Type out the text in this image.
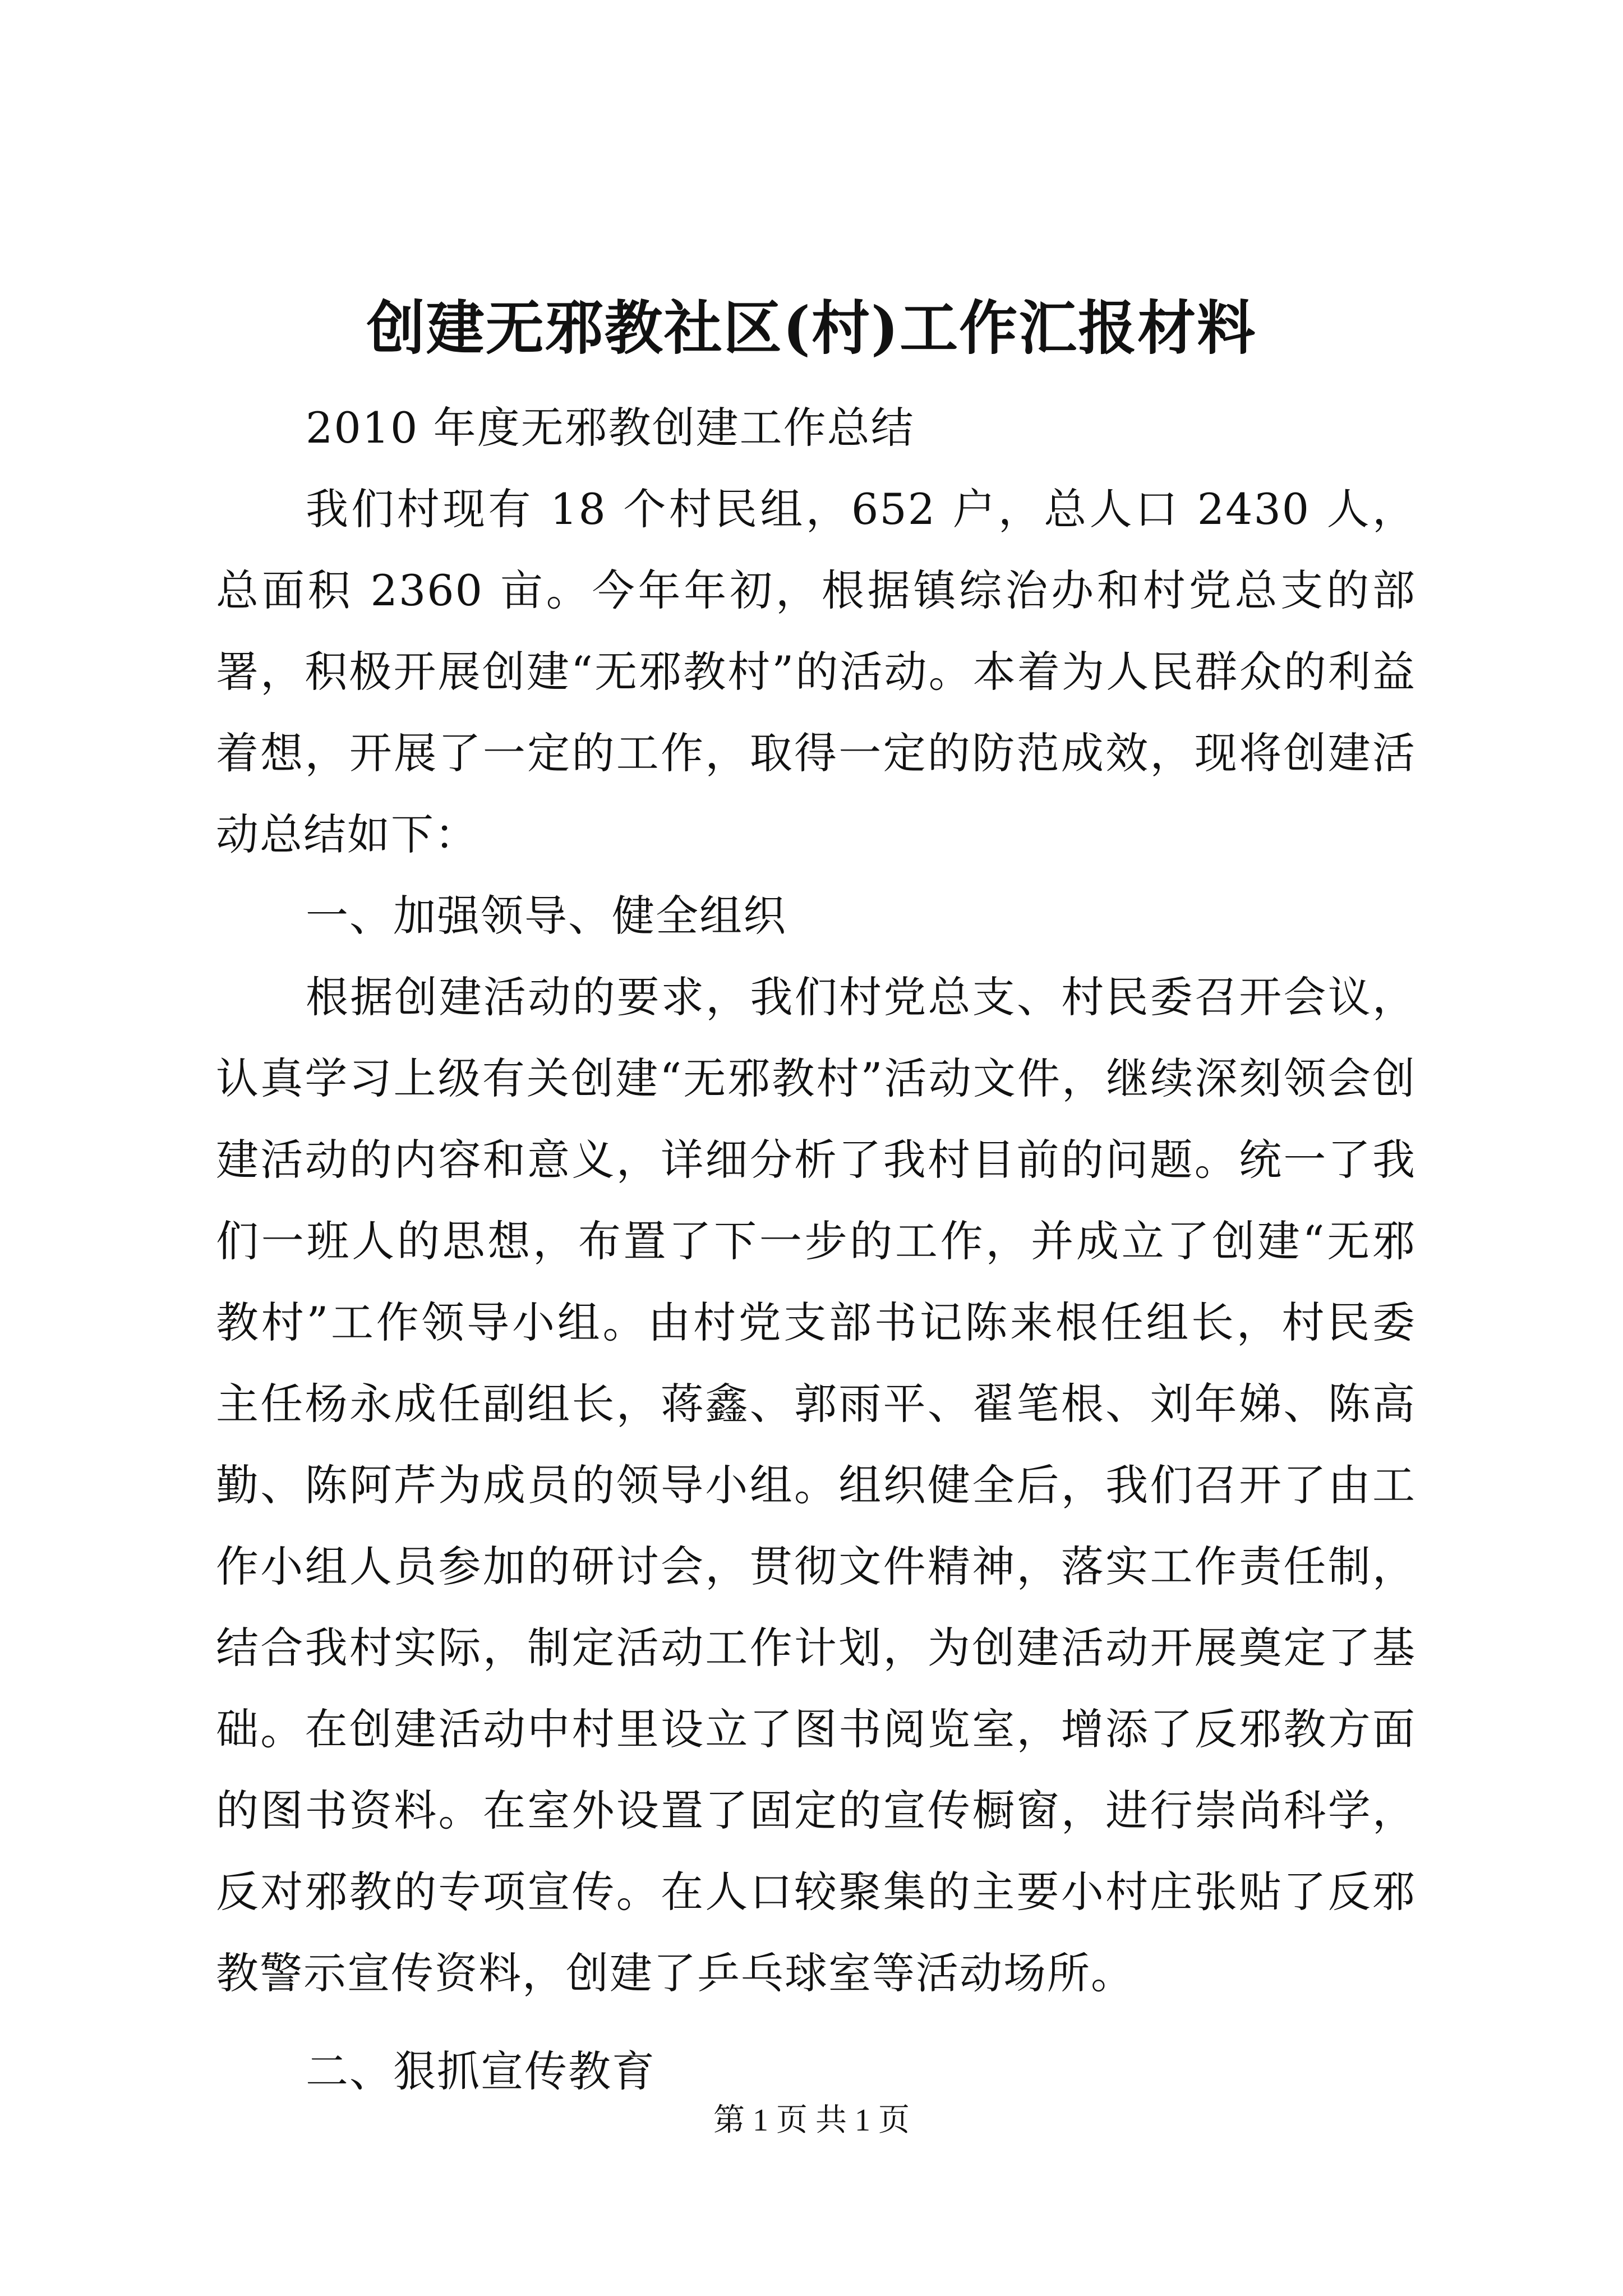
创建无邪教社区(村)工作汇报材料

2010 年度无邪教创建工作总结

我们村现有 18 个村民组，652 户，总人口 2430 人，总面积 2360 亩。今年年初，根据镇综治办和村党总支的部署，积极开展创建“无邪教村”的活动。本着为人民群众的利益着想，开展了一定的工作，取得一定的防范成效，现将创建活动总结如下：

一、加强领导、健全组织

根据创建活动的要求，我们村党总支、村民委召开会议，认真学习上级有关创建“无邪教村”活动文件，继续深刻领会创建活动的内容和意义，详细分析了我村目前的问题。统一了我们一班人的思想，布置了下一步的工作，并成立了创建“无邪教村”工作领导小组。由村党支部书记陈来根任组长，村民委主任杨永成任副组长，蒋鑫、郭雨平、翟笔根、刘年娣、陈高勤、陈阿芹为成员的领导小组。组织健全后，我们召开了由工作小组人员参加的研讨会，贯彻文件精神，落实工作责任制，结合我村实际，制定活动工作计划，为创建活动开展奠定了基础。在创建活动中村里设立了图书阅览室，增添了反邪教方面的图书资料。在室外设置了固定的宣传橱窗，进行崇尚科学，反对邪教的专项宣传。在人口较聚集的主要小村庄张贴了反邪教警示宣传资料，创建了乒乓球室等活动场所。

二、狠抓宣传教育

第 1 页 共 1 页
